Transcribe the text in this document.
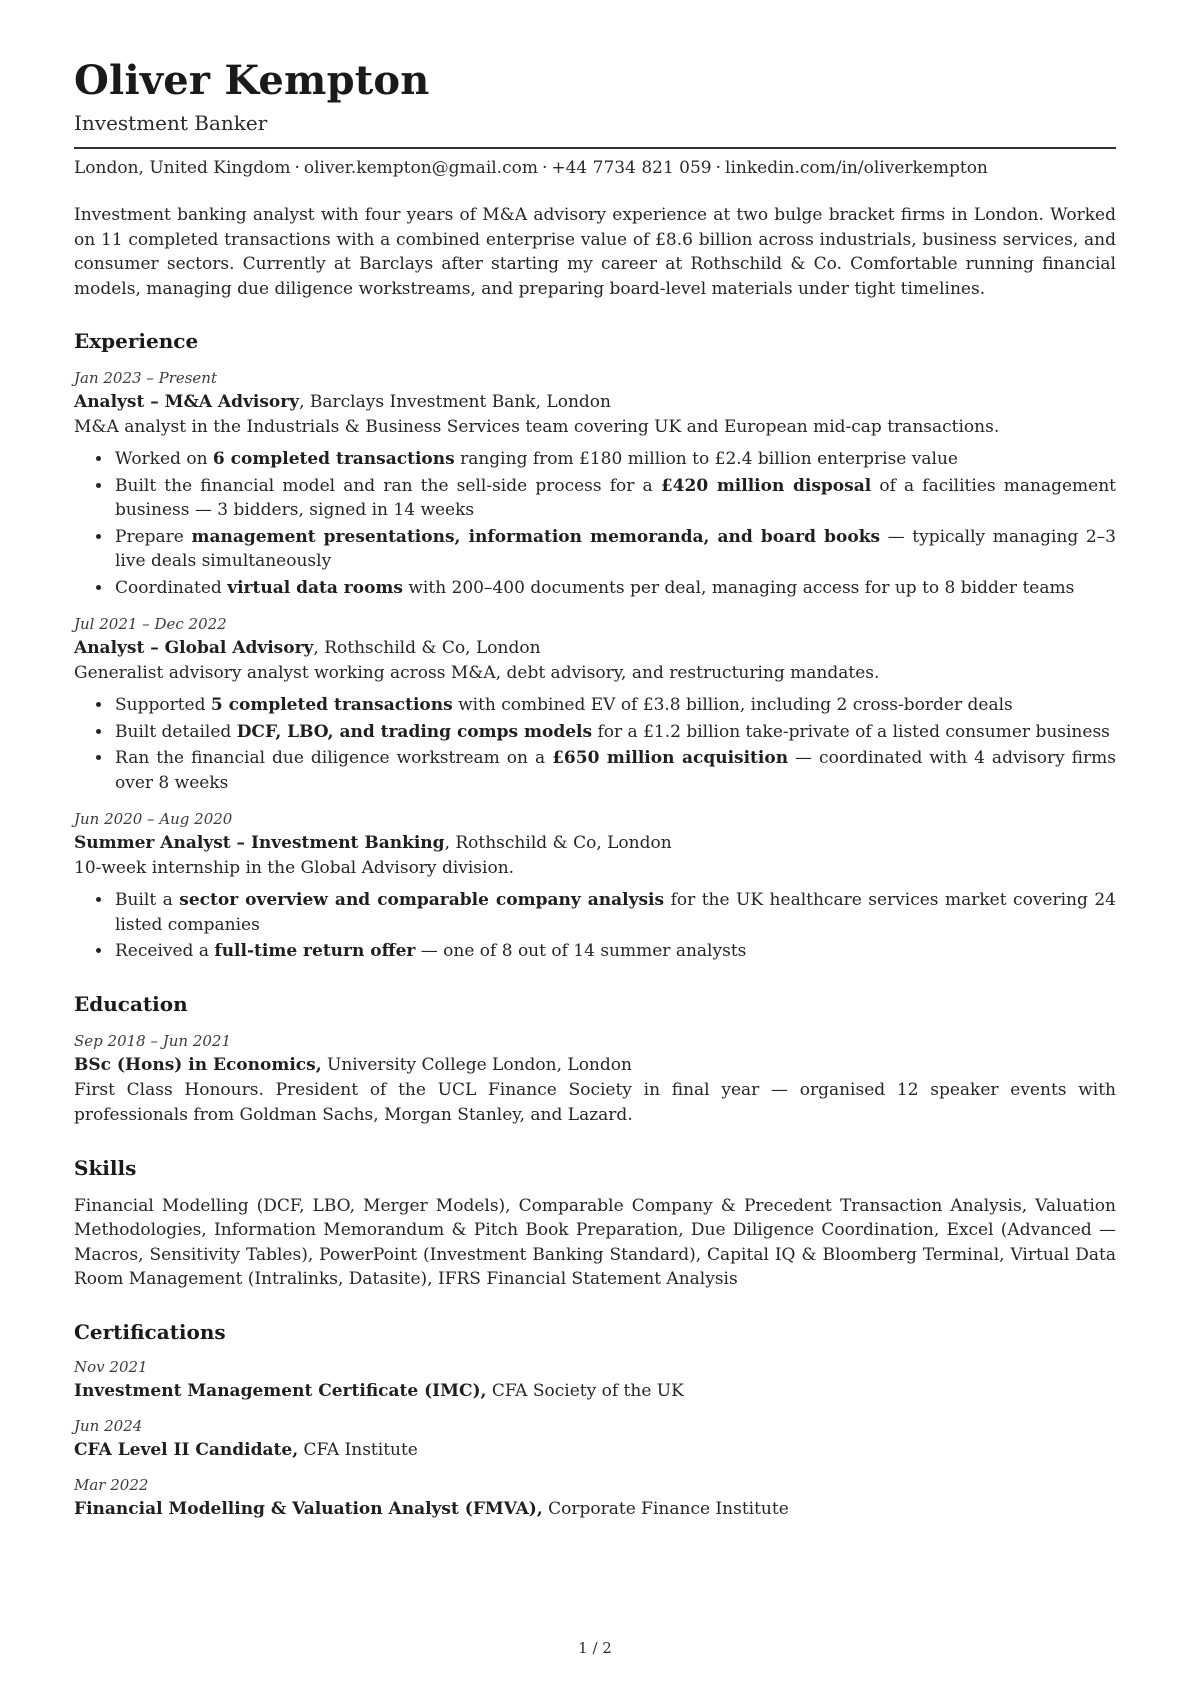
Oliver Kempton
Investment Banker
London, United Kingdom · oliver.kempton@gmail.com · +44 7734 821 059 · linkedin.com/in/oliverkempton

Investment banking analyst with four years of M&A advisory experience at two bulge bracket firms in London. Worked on 11 completed transactions with a combined enterprise value of £8.6 billion across industrials, business services, and consumer sectors. Currently at Barclays after starting my career at Rothschild & Co. Comfortable running financial models, managing due diligence workstreams, and preparing board-level materials under tight timelines.

Experience
Jan 2023 – Present
Analyst – M&A Advisory, Barclays Investment Bank, London
M&A analyst in the Industrials & Business Services team covering UK and European mid-cap transactions.
• Worked on 6 completed transactions ranging from £180 million to £2.4 billion enterprise value
• Built the financial model and ran the sell-side process for a £420 million disposal of a facilities management business — 3 bidders, signed in 14 weeks
• Prepare management presentations, information memoranda, and board books — typically managing 2–3 live deals simultaneously
• Coordinated virtual data rooms with 200–400 documents per deal, managing access for up to 8 bidder teams
Jul 2021 – Dec 2022
Analyst – Global Advisory, Rothschild & Co, London
Generalist advisory analyst working across M&A, debt advisory, and restructuring mandates.
• Supported 5 completed transactions with combined EV of £3.8 billion, including 2 cross-border deals
• Built detailed DCF, LBO, and trading comps models for a £1.2 billion take-private of a listed consumer business
• Ran the financial due diligence workstream on a £650 million acquisition — coordinated with 4 advisory firms over 8 weeks
Jun 2020 – Aug 2020
Summer Analyst – Investment Banking, Rothschild & Co, London
10-week internship in the Global Advisory division.
• Built a sector overview and comparable company analysis for the UK healthcare services market covering 24 listed companies
• Received a full-time return offer — one of 8 out of 14 summer analysts
Education
Sep 2018 – Jun 2021
BSc (Hons) in Economics, University College London, London
First Class Honours. President of the UCL Finance Society in final year — organised 12 speaker events with professionals from Goldman Sachs, Morgan Stanley, and Lazard.
Skills

Financial Modelling (DCF, LBO, Merger Models), Comparable Company & Precedent Transaction Analysis, Valuation Methodologies, Information Memorandum & Pitch Book Preparation, Due Diligence Coordination, Excel (Advanced — Macros, Sensitivity Tables), PowerPoint (Investment Banking Standard), Capital IQ & Bloomberg Terminal, Virtual Data Room Management (Intralinks, Datasite), IFRS Financial Statement Analysis

Certifications
Nov 2021
Investment Management Certificate (IMC), CFA Society of the UK
Jun 2024
CFA Level II Candidate, CFA Institute
Mar 2022
Financial Modelling & Valuation Analyst (FMVA), Corporate Finance Institute
1 / 2
